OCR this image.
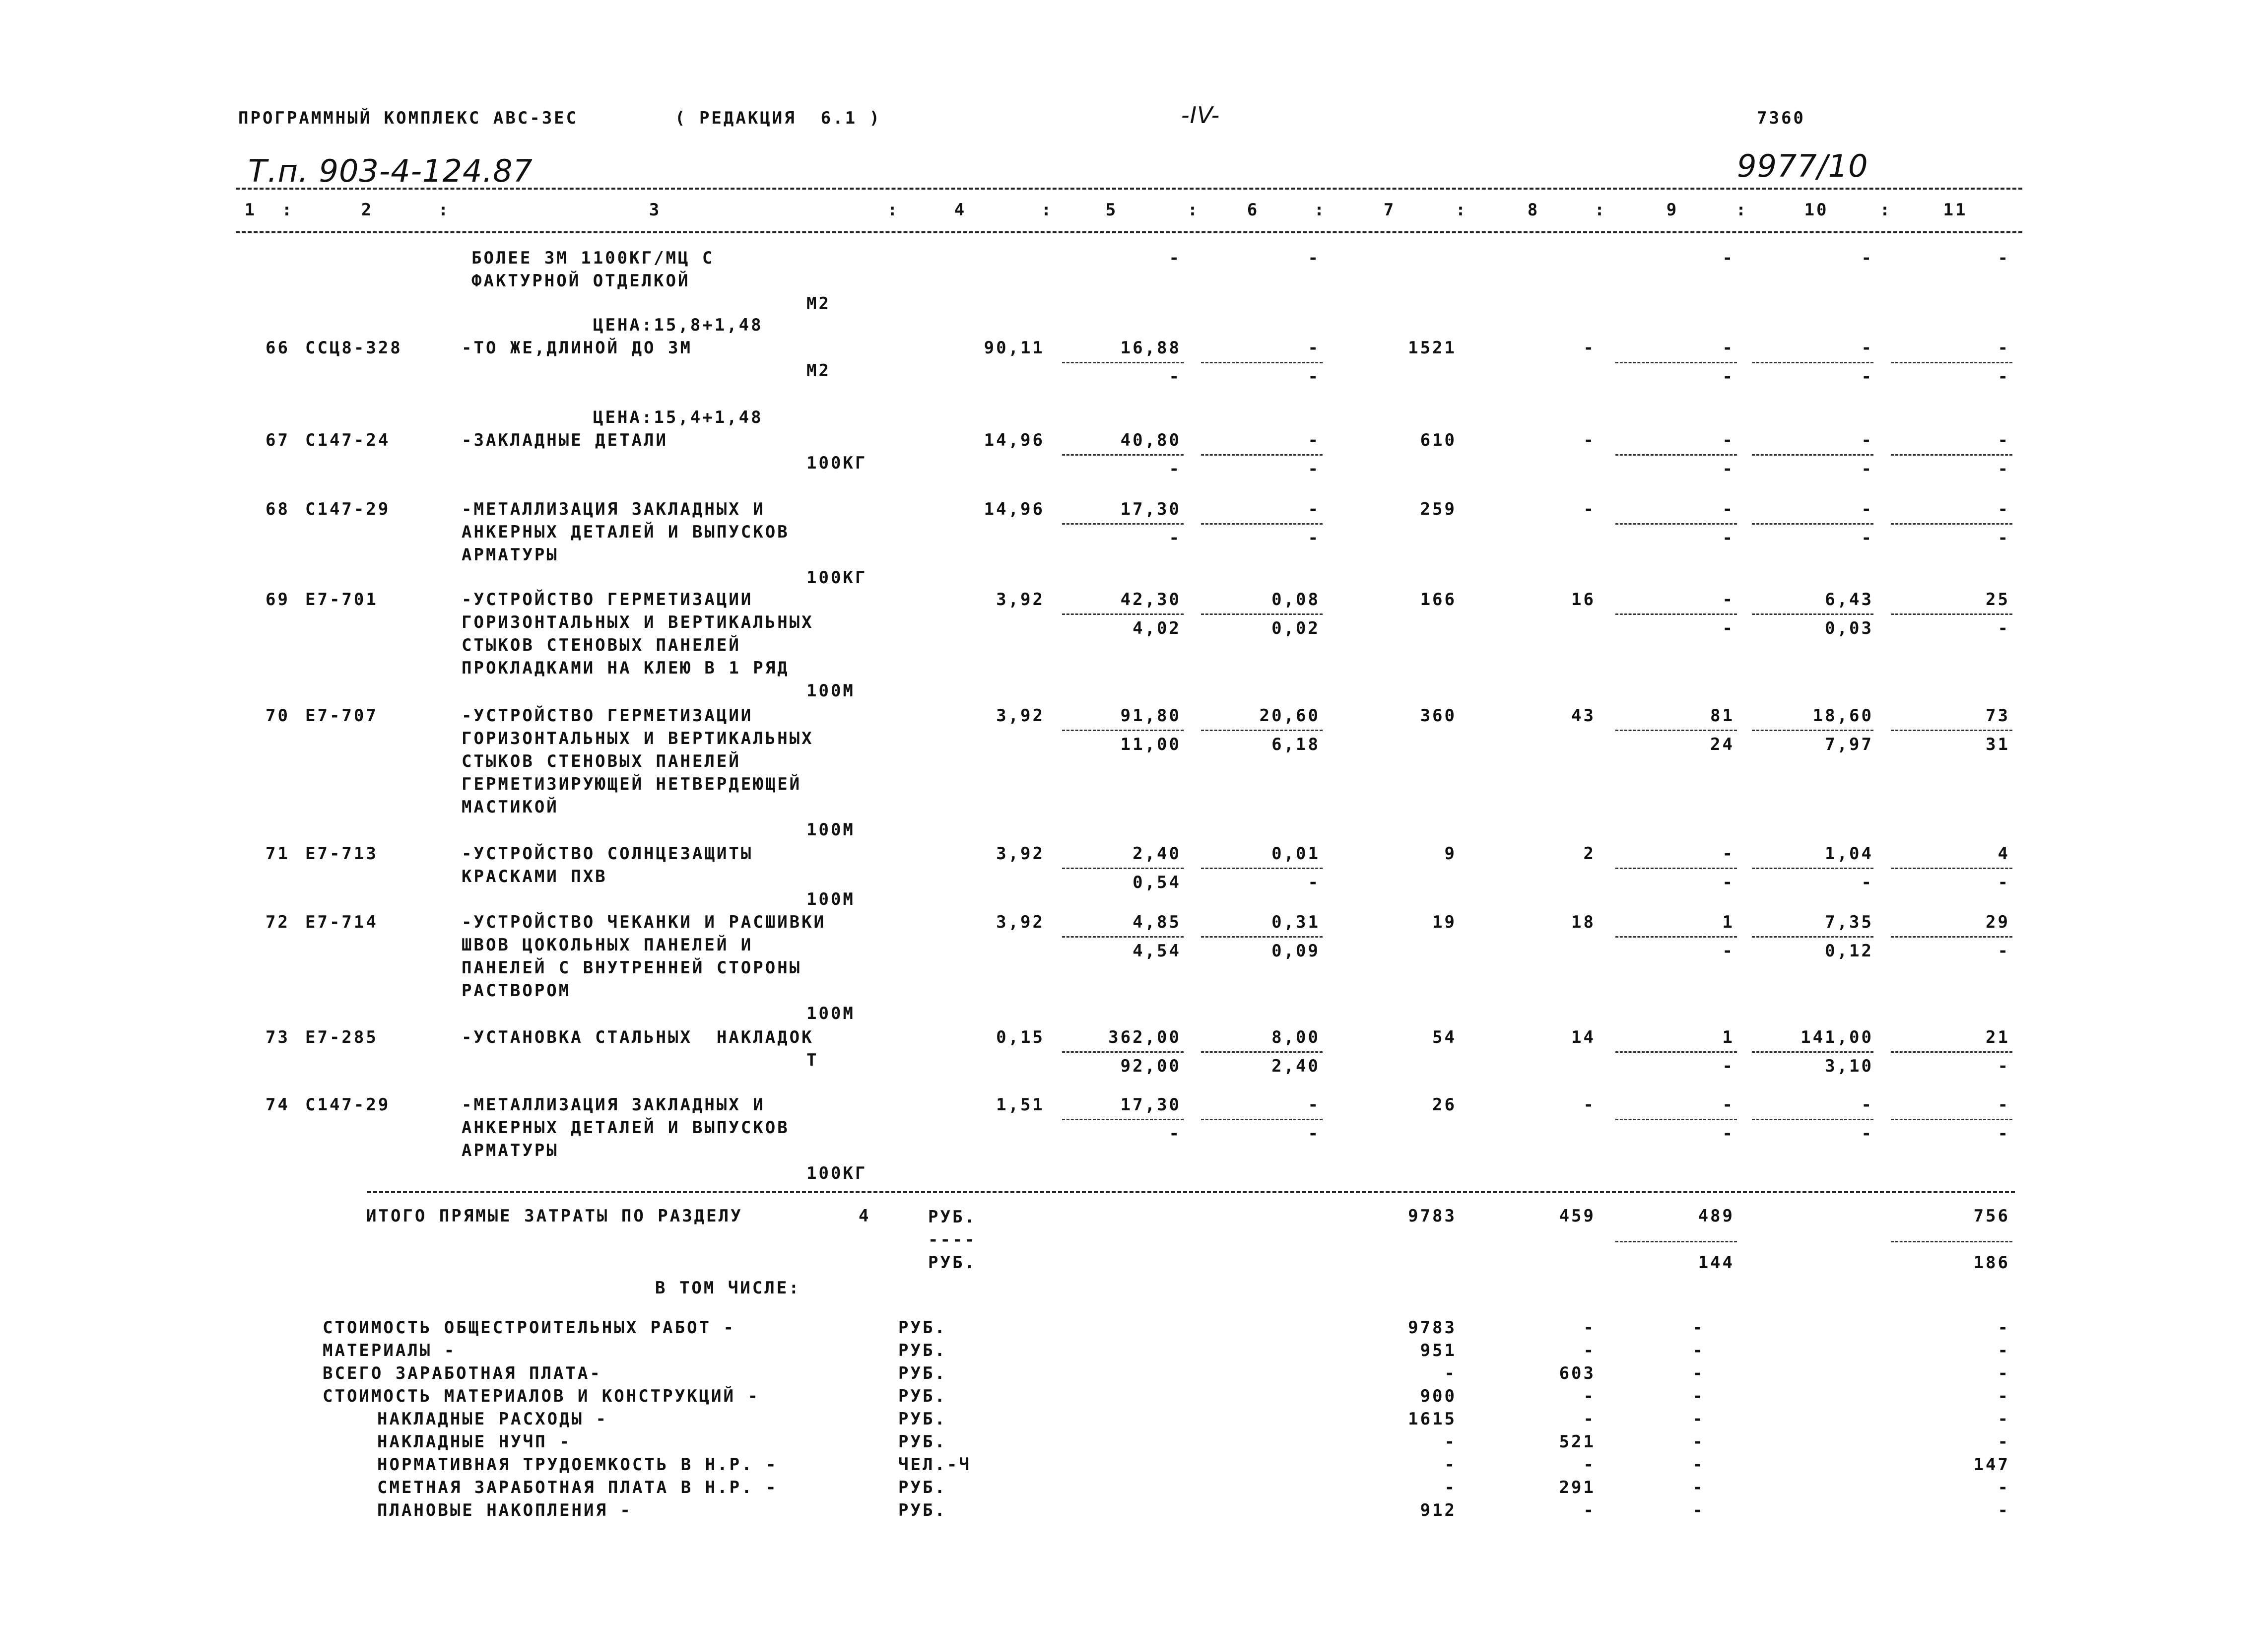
ПРОГРАММНЫЙ КОМПЛЕКС АВС-ЗЕС	( РЕДАКЦИЯ  6.1 )	-IV-	7360
Т.п. 903-4-124.87	9977/10
1	:	2	:	3	:	4	:	5	:	6	:	7	:	8	:	9	:	10	:	11
БОЛЕЕ 3М 1100КГ/МЦ С
ФАКТУРНОЙ ОТДЕЛКОЙ
М2
-	-	-	-	-
ЦЕНА:15,8+1,48
66 ССЦ8-328	-ТО ЖЕ,ДЛИНОЙ ДО 3М
М2
90,11	16,88	-	1521	-	-	-	-
-	-	-	-	-
ЦЕНА:15,4+1,48
67 С147-24	-ЗАКЛАДНЫЕ ДЕТАЛИ
100КГ
14,96	40,80	-	610	-	-	-	-
-	-	-	-	-
68 С147-29	-МЕТАЛЛИЗАЦИЯ ЗАКЛАДНЫХ И
АНКЕРНЫХ ДЕТАЛЕЙ И ВЫПУСКОВ
АРМАТУРЫ
100КГ
14,96	17,30	-	259	-	-	-	-
-	-	-	-	-
69 Е7-701	-УСТРОЙСТВО ГЕРМЕТИЗАЦИИ
ГОРИЗОНТАЛЬНЫХ И ВЕРТИКАЛЬНЫХ
СТЫКОВ СТЕНОВЫХ ПАНЕЛЕЙ
ПРОКЛАДКАМИ НА КЛЕЮ В 1 РЯД
100М
3,92	42,30	0,08	166	16	-	6,43	25
4,02	0,02	-	0,03	-
70 Е7-707	-УСТРОЙСТВО ГЕРМЕТИЗАЦИИ
ГОРИЗОНТАЛЬНЫХ И ВЕРТИКАЛЬНЫХ
СТЫКОВ СТЕНОВЫХ ПАНЕЛЕЙ
ГЕРМЕТИЗИРУЮЩЕЙ НЕТВЕРДЕЮЩЕЙ
МАСТИКОЙ
100М
3,92	91,80	20,60	360	43	81	18,60	73
11,00	6,18	24	7,97	31
71 Е7-713	-УСТРОЙСТВО СОЛНЦЕЗАЩИТЫ
КРАСКАМИ ПХВ
100М
3,92	2,40	0,01	9	2	-	1,04	4
0,54	-	-	-	-
72 Е7-714	-УСТРОЙСТВО ЧЕКАНКИ И РАСШИВКИ
ШВОВ ЦОКОЛЬНЫХ ПАНЕЛЕЙ И
ПАНЕЛЕЙ С ВНУТРЕННЕЙ СТОРОНЫ
РАСТВОРОМ
100М
3,92	4,85	0,31	19	18	1	7,35	29
4,54	0,09	-	0,12	-
73 Е7-285	-УСТАНОВКА СТАЛЬНЫХ  НАКЛАДОК
Т
0,15	362,00	8,00	54	14	1	141,00	21
92,00	2,40	-	3,10	-
74 С147-29	-МЕТАЛЛИЗАЦИЯ ЗАКЛАДНЫХ И
АНКЕРНЫХ ДЕТАЛЕЙ И ВЫПУСКОВ
АРМАТУРЫ
100КГ
1,51	17,30	-	26	-	-	-	-
-	-	-	-	-
ИТОГО ПРЯМЫЕ ЗАТРАТЫ ПО РАЗДЕЛУ	4	РУБ.
----
9783	459	489	756
РУБ.	144	186
В ТОМ ЧИСЛЕ:
СТОИМОСТЬ ОБЩЕСТРОИТЕЛЬНЫХ РАБОТ -	РУБ.	9783	-	-	-
МАТЕРИАЛЫ -	РУБ.	951	-	-	-
ВСЕГО ЗАРАБОТНАЯ ПЛАТА-	РУБ.	-	603	-	-
СТОИМОСТЬ МАТЕРИАЛОВ И КОНСТРУКЦИЙ -	РУБ.	900	-	-	-
НАКЛАДНЫЕ РАСХОДЫ -	РУБ.	1615	-	-	-
НАКЛАДНЫЕ НУЧП -	РУБ.	-	521	-	-
НОРМАТИВНАЯ ТРУДОЕМКОСТЬ В Н.Р. -	ЧЕЛ.-Ч	-	-	-	147
СМЕТНАЯ ЗАРАБОТНАЯ ПЛАТА В Н.Р. -	РУБ.	-	291	-	-
ПЛАНОВЫЕ НАКОПЛЕНИЯ -	РУБ.	912	-	-	-
